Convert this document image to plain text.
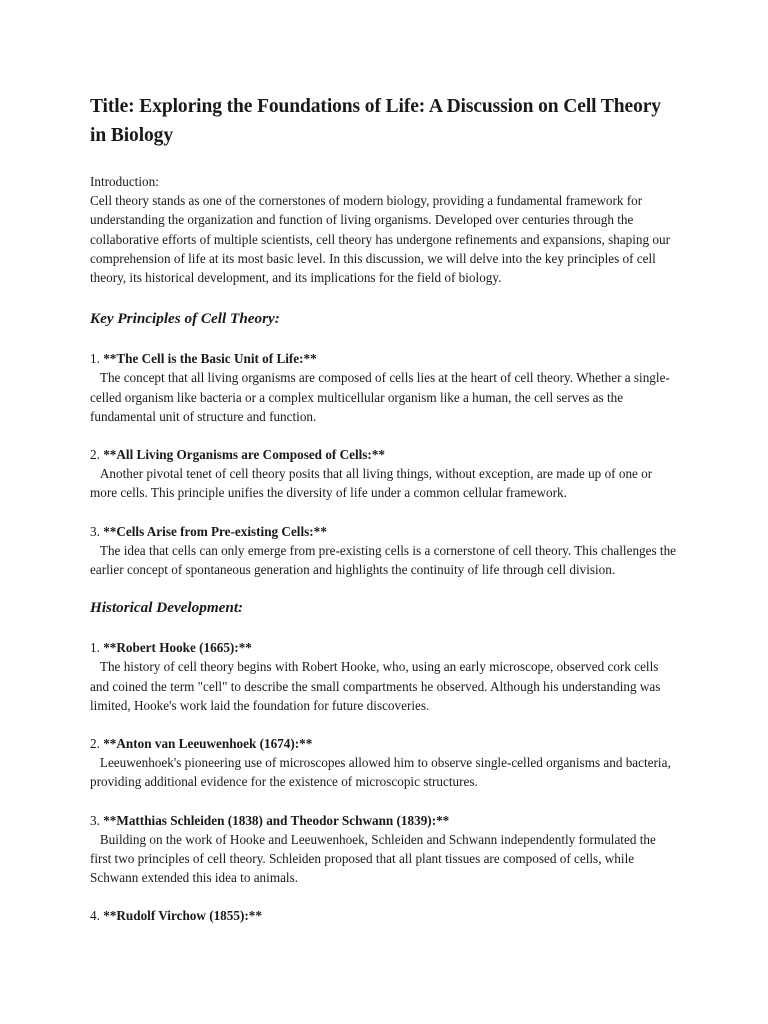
Title: Exploring the Foundations of Life: A Discussion on Cell Theory in Biology

Introduction:

Cell theory stands as one of the cornerstones of modern biology, providing a fundamental framework for understanding the organization and function of living organisms. Developed over centuries through the collaborative efforts of multiple scientists, cell theory has undergone refinements and expansions, shaping our comprehension of life at its most basic level. In this discussion, we will delve into the key principles of cell theory, its historical development, and its implications for the field of biology.

Key Principles of Cell Theory:

1. **The Cell is the Basic Unit of Life:**

The concept that all living organisms are composed of cells lies at the heart of cell theory. Whether a single-celled organism like bacteria or a complex multicellular organism like a human, the cell serves as the fundamental unit of structure and function.

2. **All Living Organisms are Composed of Cells:**

Another pivotal tenet of cell theory posits that all living things, without exception, are made up of one or more cells. This principle unifies the diversity of life under a common cellular framework.

3. **Cells Arise from Pre-existing Cells:**

The idea that cells can only emerge from pre-existing cells is a cornerstone of cell theory. This challenges the earlier concept of spontaneous generation and highlights the continuity of life through cell division.

Historical Development:

1. **Robert Hooke (1665):**

The history of cell theory begins with Robert Hooke, who, using an early microscope, observed cork cells and coined the term "cell" to describe the small compartments he observed. Although his understanding was limited, Hooke's work laid the foundation for future discoveries.

2. **Anton van Leeuwenhoek (1674):**

Leeuwenhoek's pioneering use of microscopes allowed him to observe single-celled organisms and bacteria, providing additional evidence for the existence of microscopic structures.

3. **Matthias Schleiden (1838) and Theodor Schwann (1839):**

Building on the work of Hooke and Leeuwenhoek, Schleiden and Schwann independently formulated the first two principles of cell theory. Schleiden proposed that all plant tissues are composed of cells, while Schwann extended this idea to animals.

4. **Rudolf Virchow (1855):**
